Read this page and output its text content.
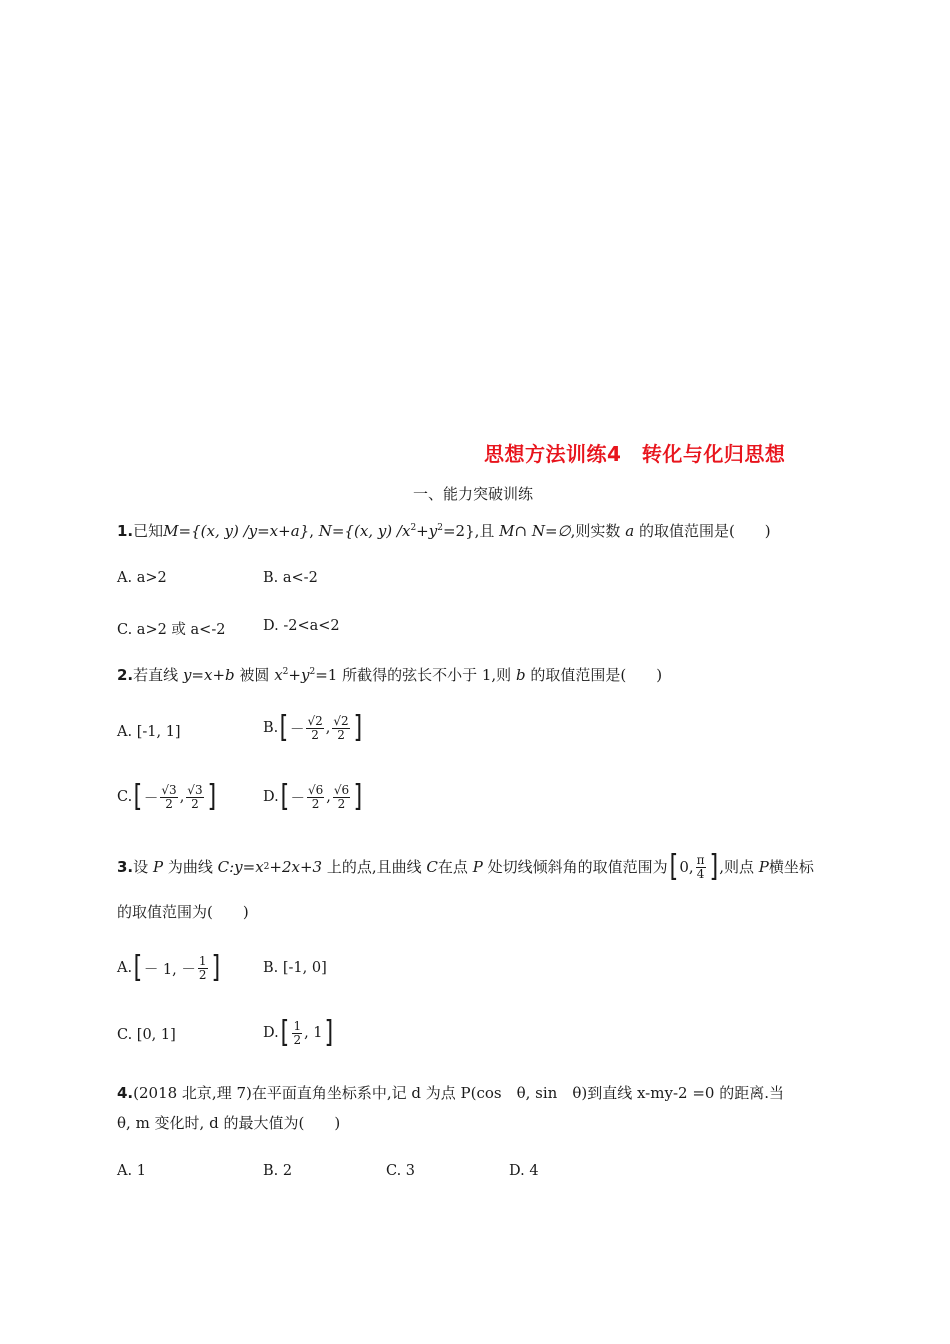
思想方法训练4　转化与化归思想
一、能力突破训练
1.已知M={(x, y) /y=x+a}, N={(x, y) $/x^2+y^2=2$},且 M∩ N=∅,则实数 a 的取值范围是(　　)
A. a>2	B. a<-2
C. a>2 或 a<-2	D. -2<a<2
2.若直线 y=x+b 被圆 $x^2+y^2=1$ 所截得的弦长不小于 1,则 b 的取值范围是(　　)
A. [-1, 1]	B. [ － $\frac{√2}{2}$ , $\frac{√2}{2}$ ]
C. [ － $\frac{√3}{2}$ , $\frac{√3}{2}$ ]	D. [ － $\frac{√6}{2}$ , $\frac{√6}{2}$ ]
3. 设
P
为曲线
C :y=x 2 +2x+3
上的点,且曲线
C 在点
P
处切线倾斜角的取值范围为 [ 0, $\frac{\pi}{4}$ ] ,则点
P 横坐标
的取值范围为(　　)
A. [ － 1, － $\frac{1}{2}$ ]	B. [-1, 0]
C. [0, 1]	D. [ $\frac{1}{2}$ , 1 ]
4.(2018 北京,理 7)在平面直角坐标系中,记 d 为点 P(cos　θ, sin　θ)到直线 x-my-2 =0 的距离.当
θ, m 变化时, d 的最大值为(　　)
A. 1	B. 2	C. 3	D. 4
